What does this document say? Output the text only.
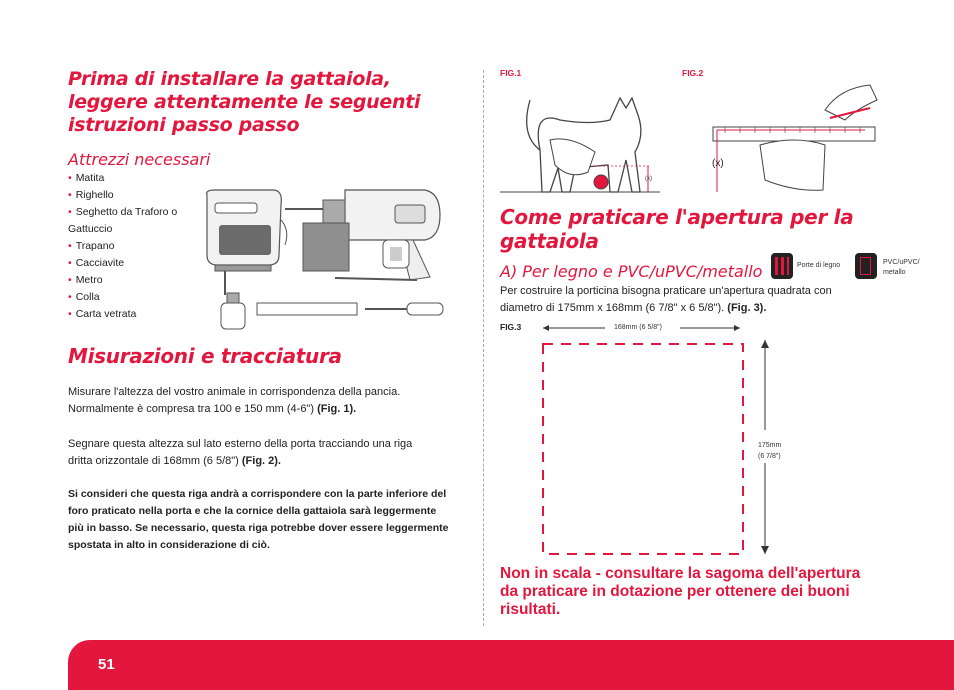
Prima di installare la gattaiola, leggere attentamente le seguenti istruzioni passo passo
Attrezzi necessari
• Matita
• Righello
• Seghetto da Traforo o Gattuccio
• Trapano
• Cacciavite
• Metro
• Colla
• Carta vetrata
Misurazioni e tracciatura
Misurare l'altezza del vostro animale in corrispondenza della pancia. Normalmente è compresa tra 100 e 150 mm (4-6") (Fig. 1).
Segnare questa altezza sul lato esterno della porta tracciando una riga dritta orizzontale di 168mm (6 5/8") (Fig. 2).
Si consideri che questa riga andrà a corrispondere con la parte inferiore del foro praticato nella porta e che la cornice della gattaiola sarà leggermente più in basso. Se necessario, questa riga potrebbe dover essere leggermente spostata in alto in considerazione di ciò.
FIG.1	FIG.2
(x)
(x)
Come praticare l'apertura per la gattaiola
A) Per legno e PVC/uPVC/metallo	Porte di legno	PVC/uPVC/
metallo
Per costruire la porticina bisogna praticare un'apertura quadrata con diametro di 175mm x 168mm (6 7/8" x 6 5/8"). (Fig. 3).
FIG.3	168mm (6 5/8")
175mm
(6 7/8")
Non in scala - consultare la sagoma dell'apertura da praticare in dotazione per ottenere dei buoni risultati.
51
